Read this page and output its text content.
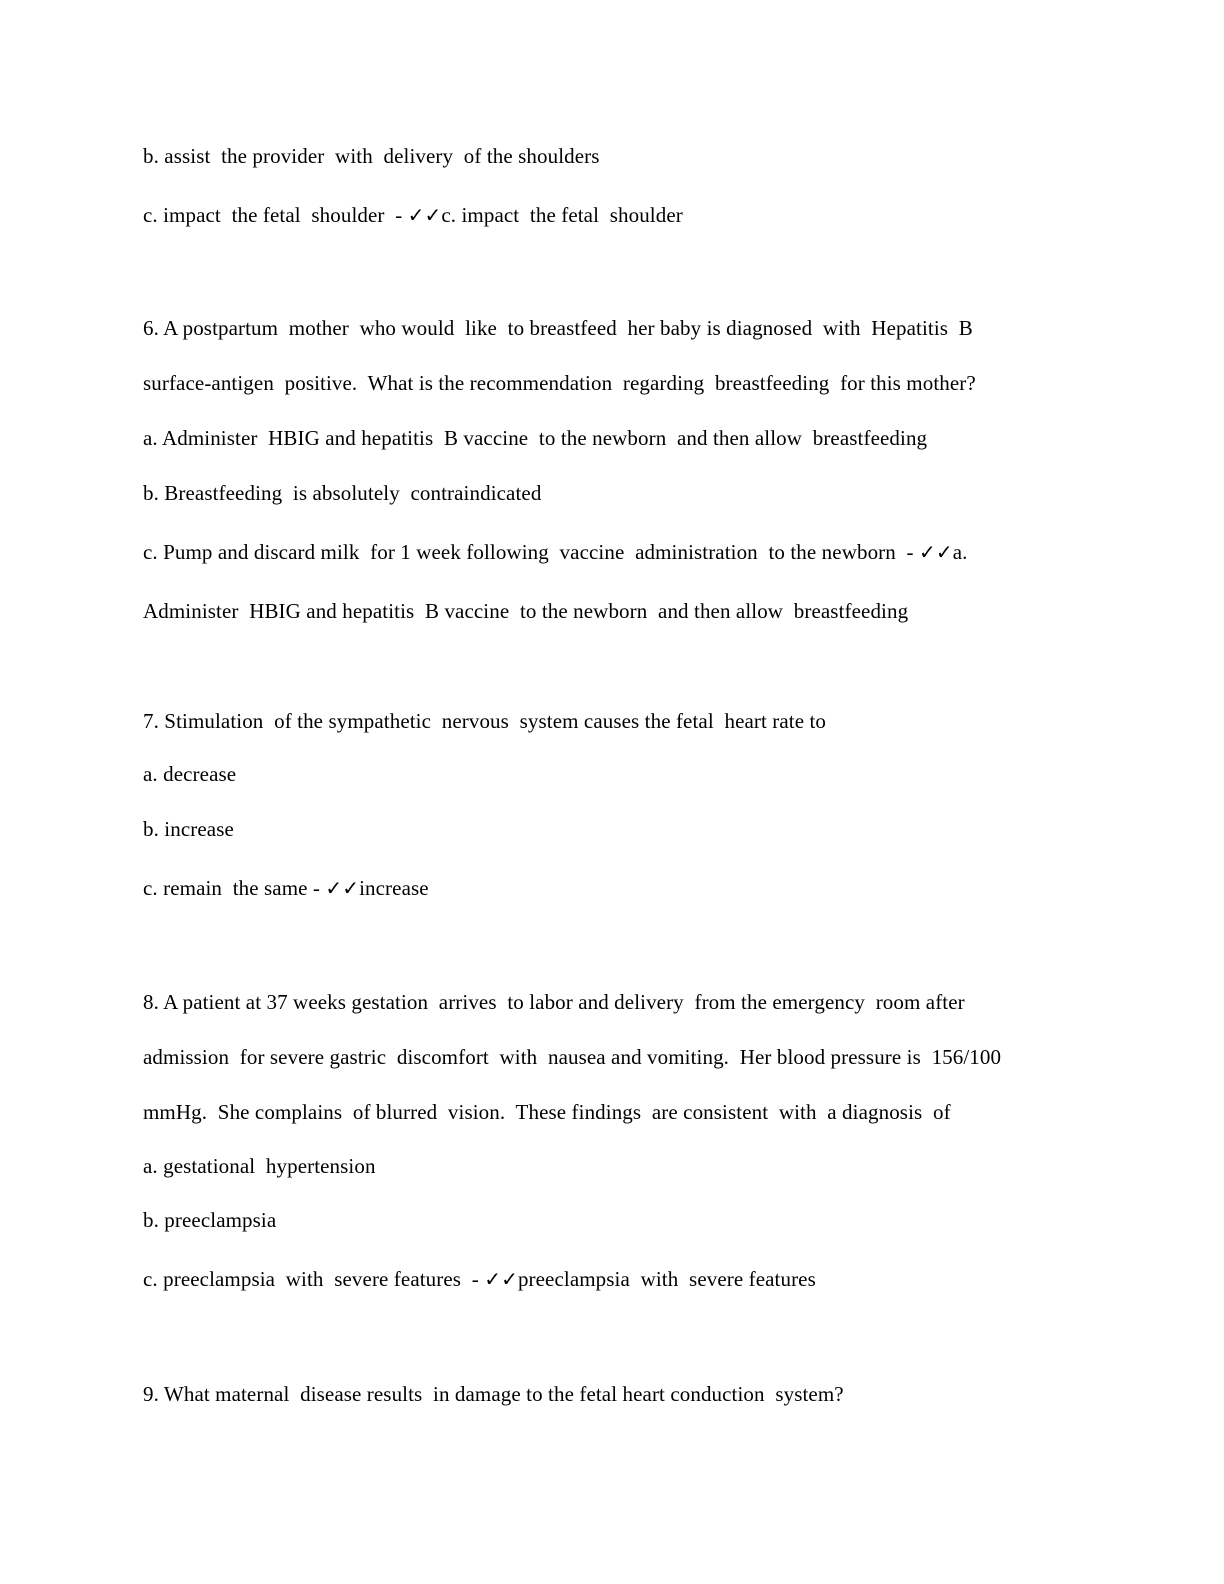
b. assist  the provider  with  delivery  of the shoulders
c. impact  the fetal  shoulder  - ✓✓c. impact  the fetal  shoulder
6. A postpartum  mother  who would  like  to breastfeed  her baby is diagnosed  with  Hepatitis  B
surface-antigen  positive.  What is the recommendation  regarding  breastfeeding  for this mother?
a. Administer  HBIG and hepatitis  B vaccine  to the newborn  and then allow  breastfeeding
b. Breastfeeding  is absolutely  contraindicated
c. Pump and discard milk  for 1 week following  vaccine  administration  to the newborn  - ✓✓a.
Administer  HBIG and hepatitis  B vaccine  to the newborn  and then allow  breastfeeding
7. Stimulation  of the sympathetic  nervous  system causes the fetal  heart rate to
a. decrease
b. increase
c. remain  the same - ✓✓increase
8. A patient at 37 weeks gestation  arrives  to labor and delivery  from the emergency  room after
admission  for severe gastric  discomfort  with  nausea and vomiting.  Her blood pressure is  156/100
mmHg.  She complains  of blurred  vision.  These findings  are consistent  with  a diagnosis  of
a. gestational  hypertension
b. preeclampsia
c. preeclampsia  with  severe features  - ✓✓preeclampsia  with  severe features
9. What maternal  disease results  in damage to the fetal heart conduction  system?
